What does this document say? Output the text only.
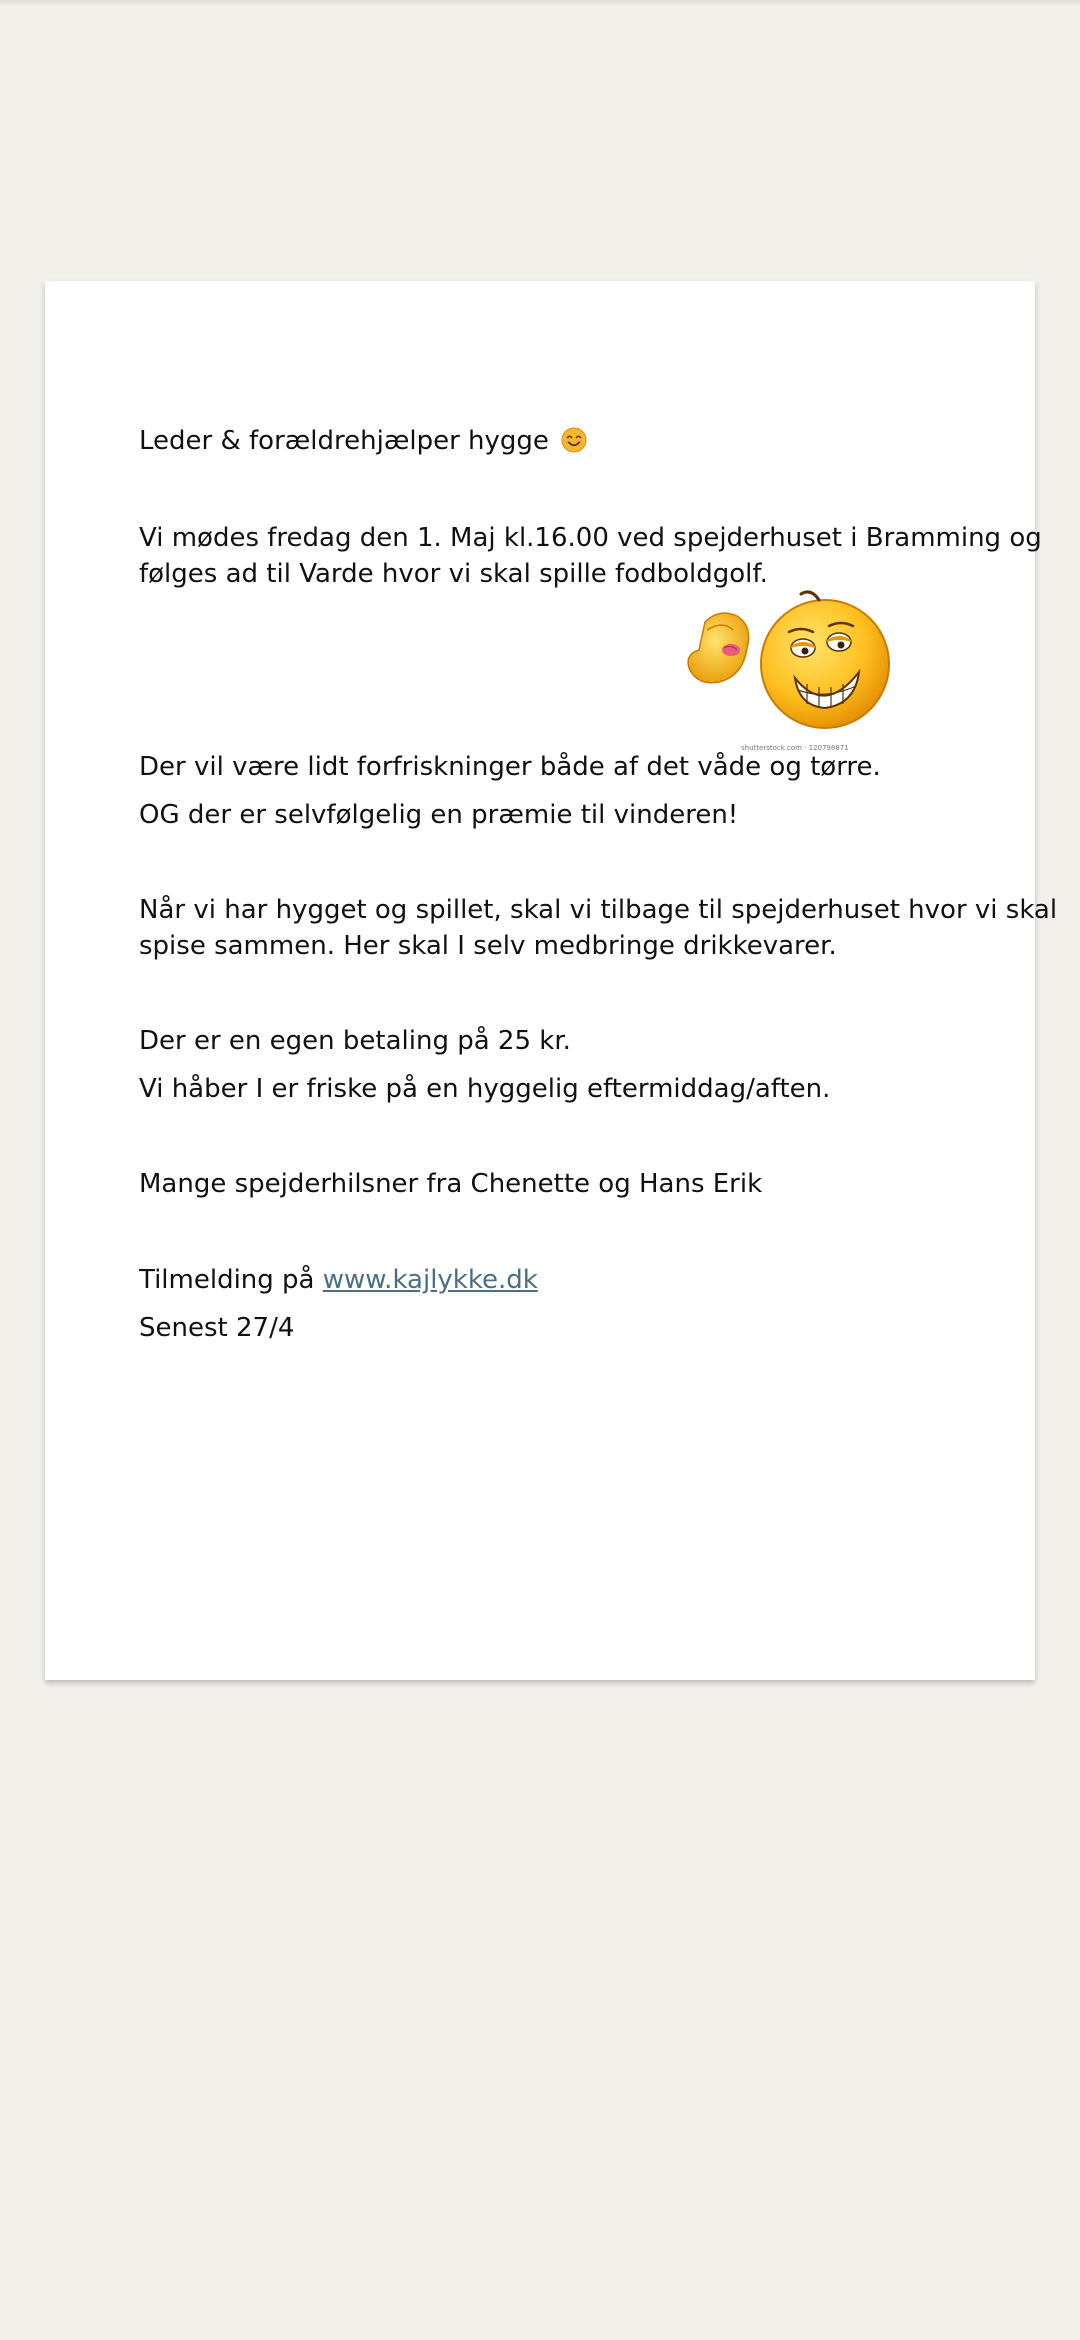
Leder & forældrehjælper hygge
Vi mødes fredag den 1. Maj kl.16.00 ved spejderhuset i Bramming og
følges ad til Varde hvor vi skal spille fodboldgolf.
shutterstock.com · 120798871
Der vil være lidt forfriskninger både af det våde og tørre.
OG der er selvfølgelig en præmie til vinderen!
Når vi har hygget og spillet, skal vi tilbage til spejderhuset hvor vi skal
spise sammen. Her skal I selv medbringe drikkevarer.
Der er en egen betaling på 25 kr.
Vi håber I er friske på en hyggelig eftermiddag/aften.
Mange spejderhilsner fra Chenette og Hans Erik
Tilmelding på www.kajlykke.dk
Senest 27/4
